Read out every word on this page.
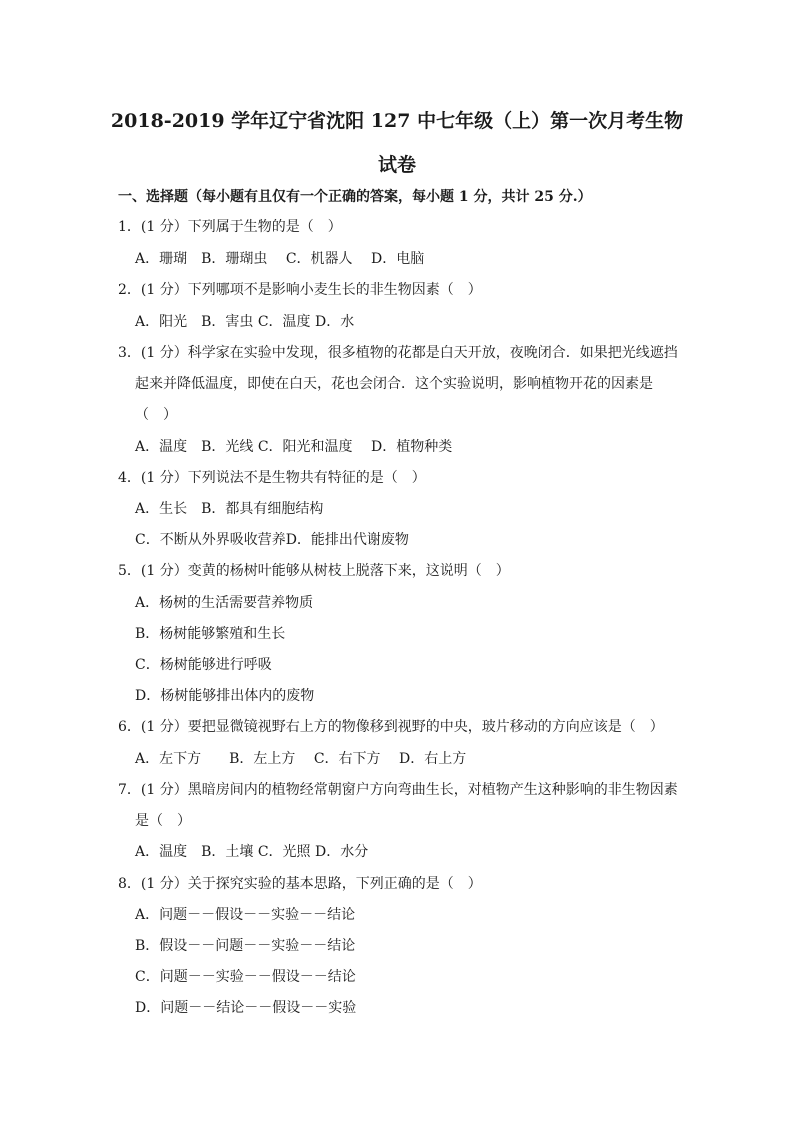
2018-2019 学年辽宁省沈阳 127 中七年级（上）第一次月考生物
试卷
一、选择题（每小题有且仅有一个正确的答案，每小题 1 分，共计 25 分.）
1．(1 分）下列属于生物的是（　）
A．珊瑚　B．珊瑚虫　 C．机器人　 D．电脑
2．(1 分）下列哪项不是影响小麦生长的非生物因素（　）
A．阳光　B．害虫 C．温度 D．水
3．(1 分）科学家在实验中发现，很多植物的花都是白天开放，夜晚闭合．如果把光线遮挡
起来并降低温度，即使在白天，花也会闭合．这个实验说明，影响植物开花的因素是
（　）
A．温度　B．光线 C．阳光和温度　 D．植物种类
4．(1 分）下列说法不是生物共有特征的是（　）
A．生长　B．都具有细胞结构
C．不断从外界吸收营养D．能排出代谢废物
5．(1 分）变黄的杨树叶能够从树枝上脱落下来，这说明（　）
A．杨树的生活需要营养物质
B．杨树能够繁殖和生长
C．杨树能够进行呼吸
D．杨树能够排出体内的废物
6．(1 分）要把显微镜视野右上方的物像移到视野的中央，玻片移动的方向应该是（　）
A．左下方　　B．左上方　 C．右下方　 D．右上方
7．(1 分）黑暗房间内的植物经常朝窗户方向弯曲生长，对植物产生这种影响的非生物因素
是（　）
A．温度　B．土壤 C．光照 D．水分
8．(1 分）关于探究实验的基本思路，下列正确的是（　）
A．问题－－假设－－实验－－结论
B．假设－－问题－－实验－－结论
C．问题－－实验－－假设－－结论
D．问题－－结论－－假设－－实验
